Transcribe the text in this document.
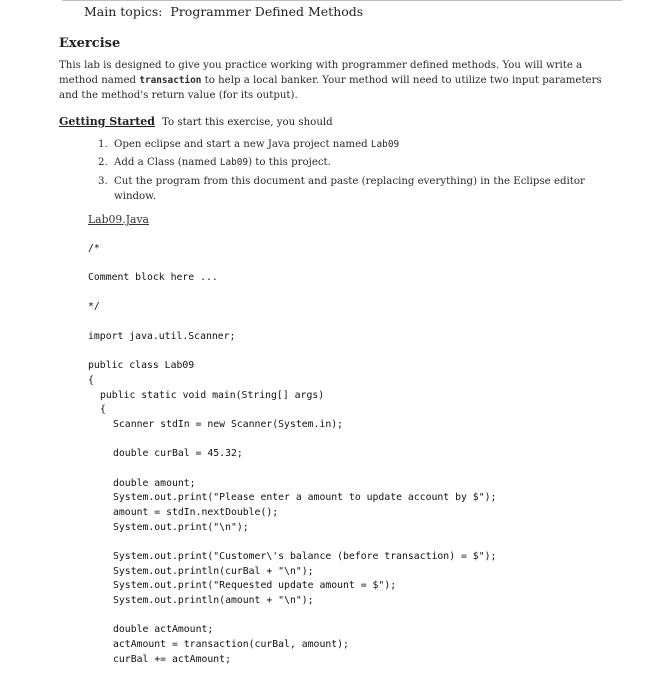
Main topics: Programmer Defined Methods
Exercise
This lab is designed to give you practice working with programmer defined methods. You will write a
method named transaction to help a local banker. Your method will need to utilize two input parameters
and the method's return value (for its output).
Getting Started To start this exercise, you should
1. Open eclipse and start a new Java project named Lab09
2. Add a Class (named Lab09) to this project.
3. Cut the program from this document and paste (replacing everything) in the Eclipse editor
window.
Lab09.Java
/*
Comment block here ...
*/
import java.util.Scanner;
public class Lab09
{
public static void main(String[] args)
{
Scanner stdIn = new Scanner(System.in);
double curBal = 45.32;
double amount;
System.out.print("Please enter a amount to update account by $");
amount = stdIn.nextDouble();
System.out.print("\n");
System.out.print("Customer\'s balance (before transaction) = $");
System.out.println(curBal + "\n");
System.out.print("Requested update amount = $");
System.out.println(amount + "\n");
double actAmount;
actAmount = transaction(curBal, amount);
curBal += actAmount;
